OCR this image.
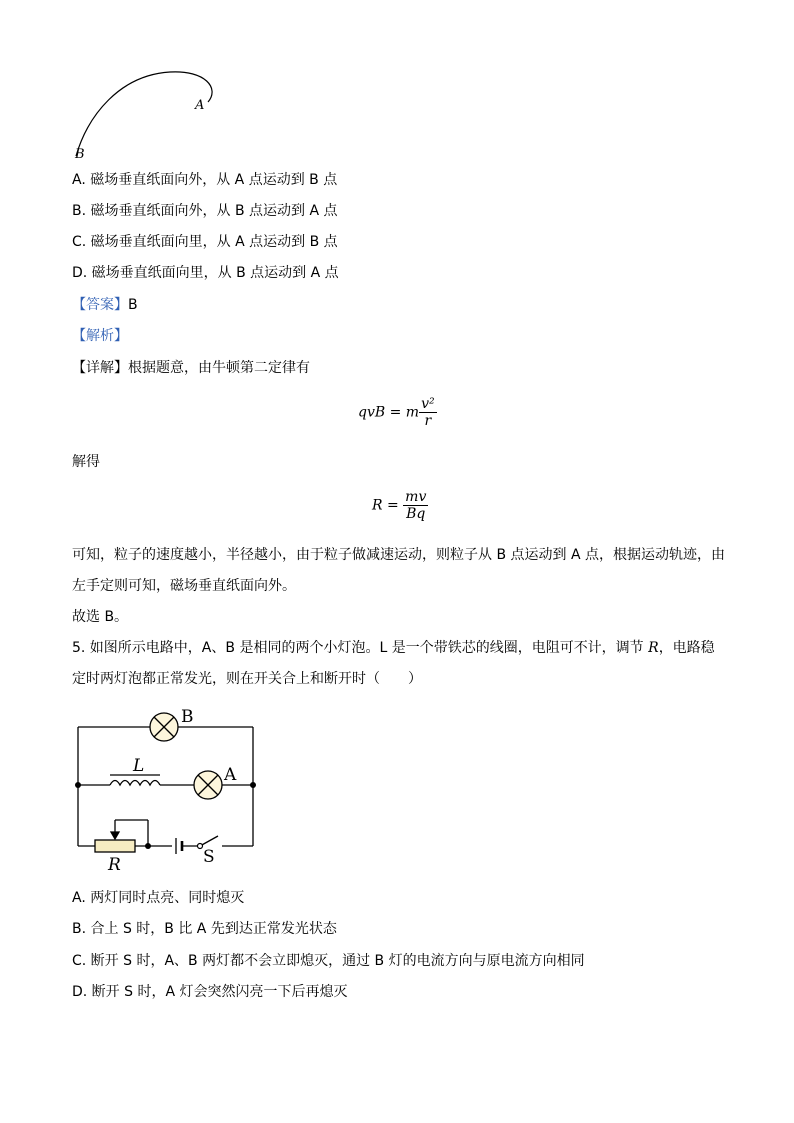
A
B
A. 磁场垂直纸面向外，从 A 点运动到 B 点
B. 磁场垂直纸面向外，从 B 点运动到 A 点
C. 磁场垂直纸面向里，从 A 点运动到 B 点
D. 磁场垂直纸面向里，从 B 点运动到 A 点
【答案】B
【解析】
【详解】根据题意，由牛顿第二定律有
qvB = m $\frac{\text{v²}}{r}$
解得
$R = \frac{mv}{Bq}$
可知，粒子的速度越小，半径越小，由于粒子做减速运动，则粒子从 B 点运动到 A 点，根据运动轨迹，由
左手定则可知，磁场垂直纸面向外。
故选 B。
5. 如图所示电路中，A、B 是相同的两个小灯泡。L 是一个带铁芯的线圈，电阻可不计，调节 R，电路稳
定时两灯泡都正常发光，则在开关合上和断开时（　　）
B
A
L
R	S
A. 两灯同时点亮、同时熄灭
B. 合上 S 时，B 比 A 先到达正常发光状态
C. 断开 S 时，A、B 两灯都不会立即熄灭，通过 B 灯的电流方向与原电流方向相同
D. 断开 S 时，A 灯会突然闪亮一下后再熄灭
